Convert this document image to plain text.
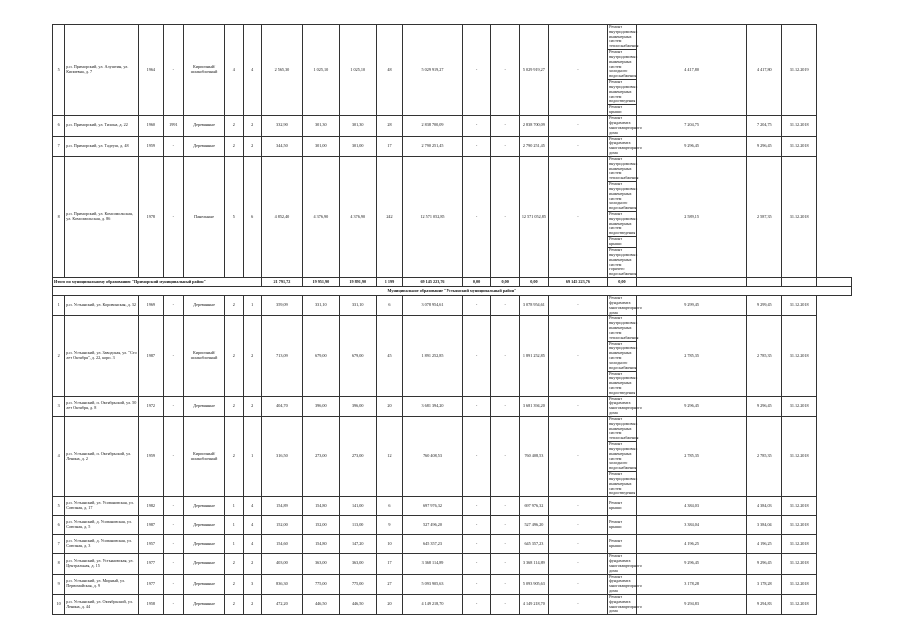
5	р.п. Приморский, ул. Алуштин, ул. Кипиевна, д. 7	1964	-	Кирпичный/шлакоблочный	4	4	2 565,30	1 025,10	1 025,10	48	5 029 919,27	-	-	5 029 919,27	-	Ремонт внутридомовых инженерных систем теплоснабжения	4 417,80	4 417,80	31.12.2019	
																Ремонт внутридомовых инженерных систем холодного водоснабжения				
																Ремонт внутридомовых инженерных систем водоотведения				
																Ремонт крыши				
6	р.п. Приморский, ул. Тихона, д. 22	1960	1991	Деревянные	2	2	332,90	301,30	301,30	28	2 838 700,09	-	-	2 838 700,09	-	Ремонт фундамента многоквартирного дома	7 204,75	7 204,75	31.12.2018	
7	р.п. Приморский, ул. Тадеуш, д. 48	1959	-	Деревянные	2	2	344,50	301,00	301,00	17	2 790 251,45	-	-	2 790 251,45	-	Ремонт фундамента многоквартирного дома	9 296,45	9 296,45	31.12.2018	
8	р.п. Приморский, ул. Комсомольская, ул. Комсомольская, д. 86	1978	-	Панельные	5	6	4 852,40	4 376,90	4 376,90	242	12 571 052,85	-	-	12 571 052,85	-	Ремонт внутридомовых инженерных систем теплоснабжения	2 589,15	2 587,35	31.12.2018	
																Ремонт внутридомовых инженерных систем холодного водоснабжения				
																Ремонт внутридомовых инженерных систем водоотведения				
																Ремонт крыши				
																Ремонт внутридомовых инженерных систем горячего водоснабжения				
Итого по муниципальному образованию "Приморский муниципальный район"							21 791,72	19 951,90	19 891,90	1 199	69 145 223,76	0,00	0,00	0,00	69 145 223,76	0,00				
Муниципальное образование "Устьянский муниципальный район"																				
1	р.п. Устьянский, ул. Коровинская, д. 32	1969	-	Деревянные	2	1	359,09	331,10	331,10	6	3 078 954,61	-	-	3 078 954,61	-	Ремонт фундамента многоквартирного дома	9 299,45	9 299,45	31.12.2018	
2	р.п. Устьянский, ул. Заводская, ул. "Сто лет Октября", д. 22, корп. 3	1987	-	Кирпичный/шлакоблочный	2	2	713,09	679,00	679,00	45	1 891 252,85	-	-	1 891 252,85	-	Ремонт внутридомовых инженерных систем теплоснабжения	2 785,35	2 785,35	31.12.2018	
																Ремонт внутридомовых инженерных систем холодного водоснабжения				
																Ремонт внутридомовых инженерных систем водоотведения				
3	р.п. Устьянский, п. Октябрьский, ул. 50 лет Октября, д. 8	1972	-	Деревянные	2	2	404,70	396,00	396,00	20	3 681 394,20	-	-	3 681 394,20	-	Ремонт фундамента многоквартирного дома	9 296,45	9 296,45	31.12.2018	
4	р.п. Устьянский, п. Октябрьский, ул. Ленина, д. 2	1959	-	Кирпичный/шлакоблочный	2	1	316,50	273,00	273,00	12	760 408,53	-	-	760 408,53	-	Ремонт внутридомовых инженерных систем теплоснабжения	2 785,35	2 785,35	31.12.2018	
																Ремонт внутридомовых инженерных систем холодного водоснабжения				
																Ремонт внутридомовых инженерных систем водоотведения				
5	р.п. Устьянский, ул. Усовановская, ул. Союзная, д. 17	1982	-	Деревянные	1	4	154,89	154,80	141,00	6	697 976,32	-	-	697 976,32	-	Ремонт крыши	4 384,03	4 384,03	31.12.2018	
6	р.п. Устьянский, д. Усовановская, ул. Союзная, д. 5	1987	-	Деревянные	1	4	152,00	152,00	113,00	9	527 496,20	-	-	527 496,20	-	Ремонт крыши	3 384,04	3 384,04	31.12.2018	
7	р.п. Устьянский, д. Усовановская, ул. Союзная, д. 3	1957	-	Деревянные	1	4	154,60	154,80	147,20	10	645 357,23	-	-	645 357,23	-	Ремонт крыши	4 196,25	4 196,25	31.12.2018	
8	р.п. Устьянский, ул. Устьяновская, ул. Центральная, д. 15	1977	-	Деревянные	2	2	403,00	363,00	363,00	17	3 368 114,89	-	-	3 368 114,89	-	Ремонт фундамента многоквартирного дома	9 296,45	9 296,45	31.12.2018	
9	р.п. Устьянский, ул. Мирный, ул. Первомайская, д. 9	1977	-	Деревянные	2	3	836,30	775,00	775,00	27	5 093 905,63	-	-	5 093 905,63	-	Ремонт фундамента многоквартирного дома	3 178,28	3 178,28	31.12.2018	
10	р.п. Устьянский, ул. Октябрьский, ул. Ленина, д. 44	1958	-	Деревянные	2	2	472,20	446,50	446,50	20	4 149 218,70	-	-	4 149 218,70	-	Ремонт фундамента многоквартирного дома	9 294,83	9 294,83	31.12.2018	
